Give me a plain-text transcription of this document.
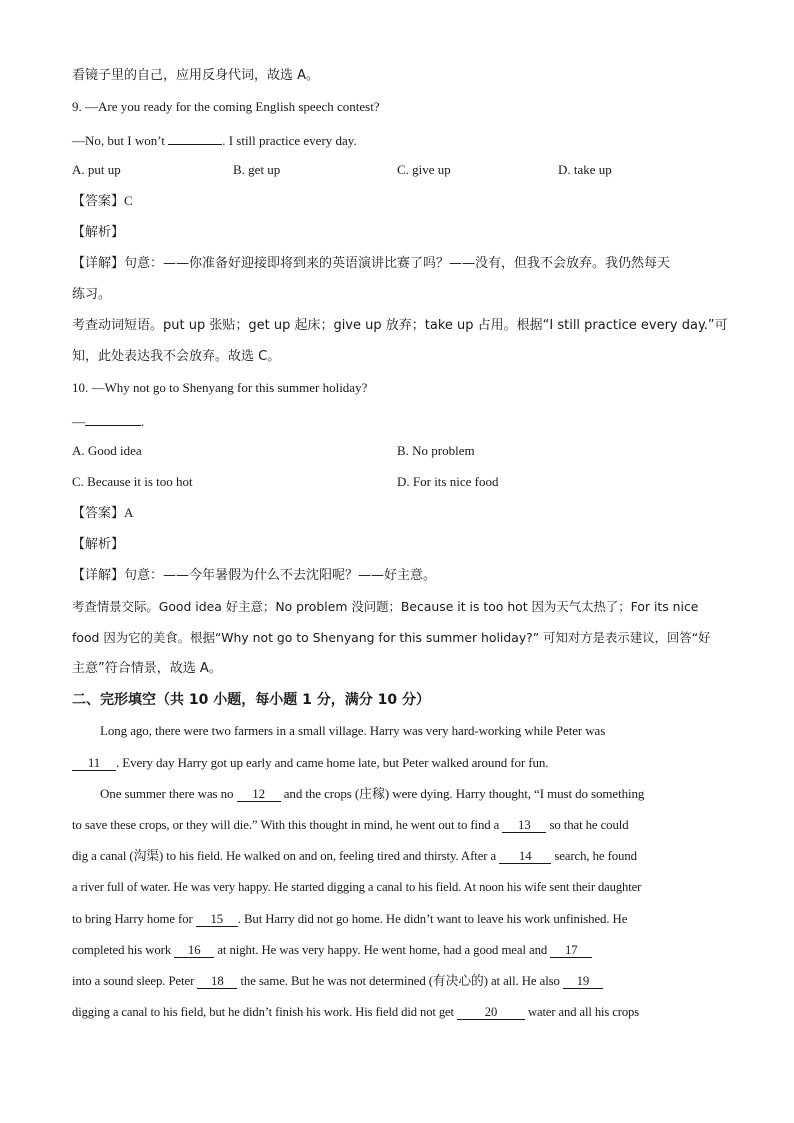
看镜子里的自己，应用反身代词，故选 A。
9. —Are you ready for the coming English speech contest?
—No, but I won’t	. I still practice every day.
A. put up	B. get up	C. give up	D. take up
【答案】C
【解析】
【详解】句意：——你准备好迎接即将到来的英语演讲比赛了吗？——没有，但我不会放弃。我仍然每天
练习。
考查动词短语。put up 张贴；get up 起床；give up 放弃；take up 占用。根据“I still practice every day.”可
知，此处表达我不会放弃。故选 C。
10. —Why not go to Shenyang for this summer holiday?
—	.
A. Good idea	B. No problem
C. Because it is too hot	D. For its nice food
【答案】A
【解析】
【详解】句意：——今年暑假为什么不去沈阳呢？——好主意。
考查情景交际。Good idea 好主意；No problem 没问题；Because it is too hot 因为天气太热了；For its nice
food 因为它的美食。根据“Why not go to Shenyang for this summer holiday?” 可知对方是表示建议，回答“好
主意”符合情景，故选 A。
二、完形填空（共 10 小题，每小题 1 分，满分 10 分）
Long ago, there were two farmers in a small village. Harry was very hard-working while Peter was
11 . Every day Harry got up early and came home late, but Peter walked around for fun.
One summer there was no 12 and the crops (庄稼) were dying. Harry thought, “I must do something
to save these crops, or they will die.” With this thought in mind, he went out to find a 13 so that he could
dig a canal (沟渠) to his field. He walked on and on, feeling tired and thirsty. After a 14 search, he found
a river full of water. He was very happy. He started digging a canal to his field. At noon his wife sent their daughter
to bring Harry home for 15 . But Harry did not go home. He didn’t want to leave his work unfinished. He
completed his work 16 at night. He was very happy. He went home, had a good meal and 17
into a sound sleep. Peter 18 the same. But he was not determined (有决心的) at all. He also 19
digging a canal to his field, but he didn’t finish his work. His field did not get 20 water and all his crops
